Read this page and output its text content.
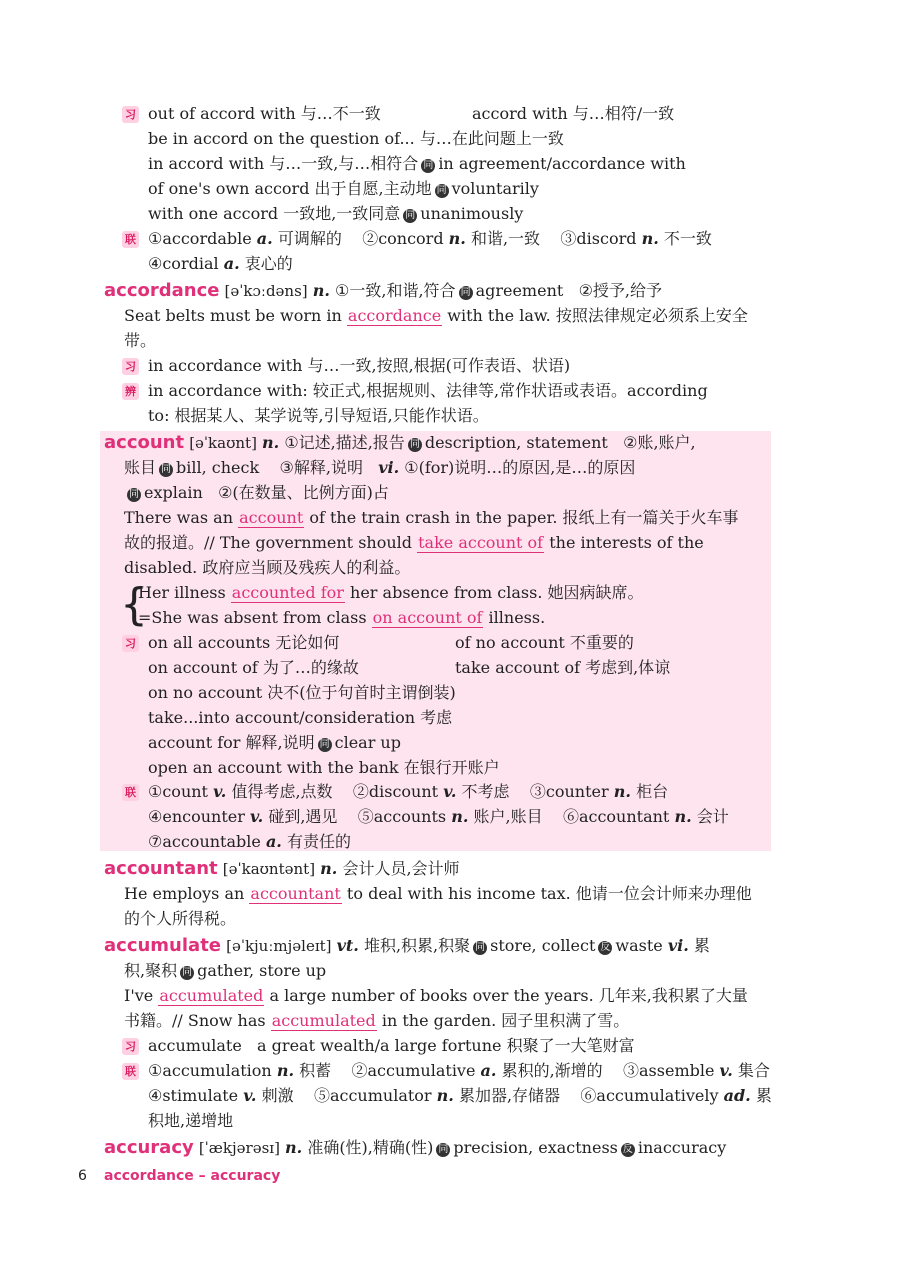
习 out of accord with 与…不一致	accord with 与…相符/一致
be in accord on the question of... 与…在此问题上一致
in accord with 与…一致,与…相符合 同 in agreement/accordance with
of one's own accord 出于自愿,主动地 同 voluntarily
with one accord 一致地,一致同意 同 unanimously
联 ①accordable a. 可调解的 ②concord n. 和谐,一致 ③discord n. 不一致
④cordial a. 衷心的
accordance [əˈkɔːdəns] n. ①一致,和谐,符合 同 agreement ②授予,给予
Seat belts must be worn in accordance with the law. 按照法律规定必须系上安全
带。
习 in accordance with 与…一致,按照,根据(可作表语、状语)
辨 in accordance with: 较正式,根据规则、法律等,常作状语或表语。according
to: 根据某人、某学说等,引导短语,只能作状语。
account [əˈkaʊnt] n. ①记述,描述,报告 同 description, statement ②账,账户,
账目 同 bill, check ③解释,说明 vi. ①(for)说明…的原因,是…的原因
同 explain ②(在数量、比例方面)占
There was an account of the train crash in the paper. 报纸上有一篇关于火车事
故的报道。// The government should take account of the interests of the
disabled. 政府应当顾及残疾人的利益。
{
Her illness accounted for her absence from class. 她因病缺席。
=She was absent from class on account of illness.
习 on all accounts 无论如何	of no account 不重要的
on account of 为了…的缘故	take account of 考虑到,体谅
on no account 决不(位于句首时主谓倒装)
take...into account/consideration 考虑
account for 解释,说明 同 clear up
open an account with the bank 在银行开账户
联 ①count v. 值得考虑,点数 ②discount v. 不考虑 ③counter n. 柜台
④encounter v. 碰到,遇见 ⑤accounts n. 账户,账目 ⑥accountant n. 会计
⑦accountable a. 有责任的
accountant [əˈkaʊntənt] n. 会计人员,会计师
He employs an accountant to deal with his income tax. 他请一位会计师来办理他
的个人所得税。
accumulate [əˈkjuːmjəleɪt] vt. 堆积,积累,积聚 同 store, collect 反 waste vi. 累
积,聚积 同 gather, store up
I've accumulated a large number of books over the years. 几年来,我积累了大量
书籍。// Snow has accumulated in the garden. 园子里积满了雪。
习 accumulate   a great wealth/a large fortune 积聚了一大笔财富
联 ①accumulation n. 积蓄 ②accumulative a. 累积的,渐增的 ③assemble v. 集合
④stimulate v. 刺激 ⑤accumulator n. 累加器,存储器 ⑥accumulatively ad. 累
积地,递增地
accuracy [ˈækjərəsɪ] n. 准确(性),精确(性) 同 precision, exactness 反 inaccuracy
6 accordance – accuracy
